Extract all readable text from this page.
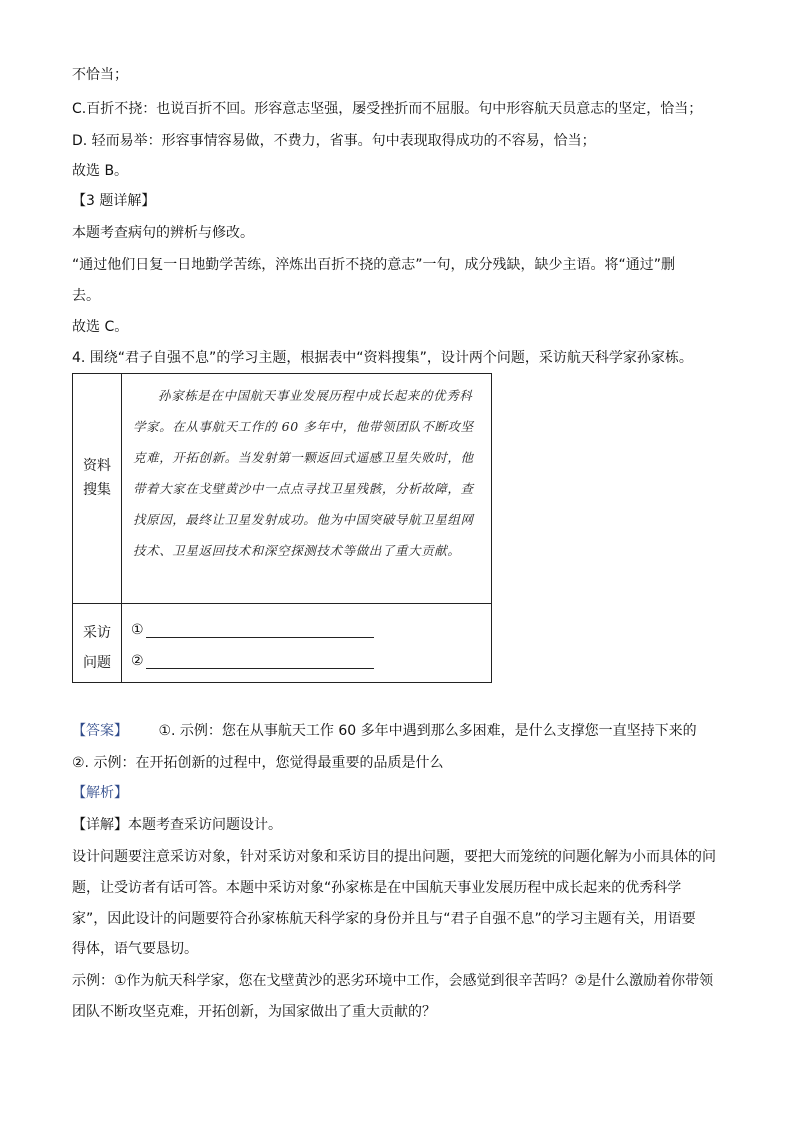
不恰当；
C.百折不挠：也说百折不回。形容意志坚强，屡受挫折而不屈服。句中形容航天员意志的坚定，恰当；
D. 轻而易举：形容事情容易做，不费力，省事。句中表现取得成功的不容易，恰当；
故选 B。
【3 题详解】
本题考查病句的辨析与修改。
“通过他们日复一日地勤学苦练，淬炼出百折不挠的意志”一句，成分残缺，缺少主语。将“通过”删
去。
故选 C。
4. 围绕“君子自强不息”的学习主题，根据表中“资料搜集”，设计两个问题，采访航天科学家孙家栋。
资料
搜集
孙家栋是在中国航天事业发展历程中成长起来的优秀科学家。在从事航天工作的 60 多年中，他带领团队不断攻坚克难，开拓创新。当发射第一颗返回式遥感卫星失败时，他带着大家在戈壁黄沙中一点点寻找卫星残骸，分析故障，查找原因，最终让卫星发射成功。他为中国突破导航卫星组网技术、卫星返回技术和深空探测技术等做出了重大贡献。
采访
问题
①
②
【答案】 ①. 示例：您在从事航天工作 60 多年中遇到那么多困难，是什么支撑您一直坚持下来的
②. 示例：在开拓创新的过程中，您觉得最重要的品质是什么
【解析】
【详解】本题考查采访问题设计。
设计问题要注意采访对象，针对采访对象和采访目的提出问题，要把大而笼统的问题化解为小而具体的问
题，让受访者有话可答。本题中采访对象“孙家栋是在中国航天事业发展历程中成长起来的优秀科学
家”，因此设计的问题要符合孙家栋航天科学家的身份并且与“君子自强不息”的学习主题有关，用语要
得体，语气要恳切。
示例：①作为航天科学家，您在戈壁黄沙的恶劣环境中工作，会感觉到很辛苦吗？②是什么激励着你带领
团队不断攻坚克难，开拓创新，为国家做出了重大贡献的？
